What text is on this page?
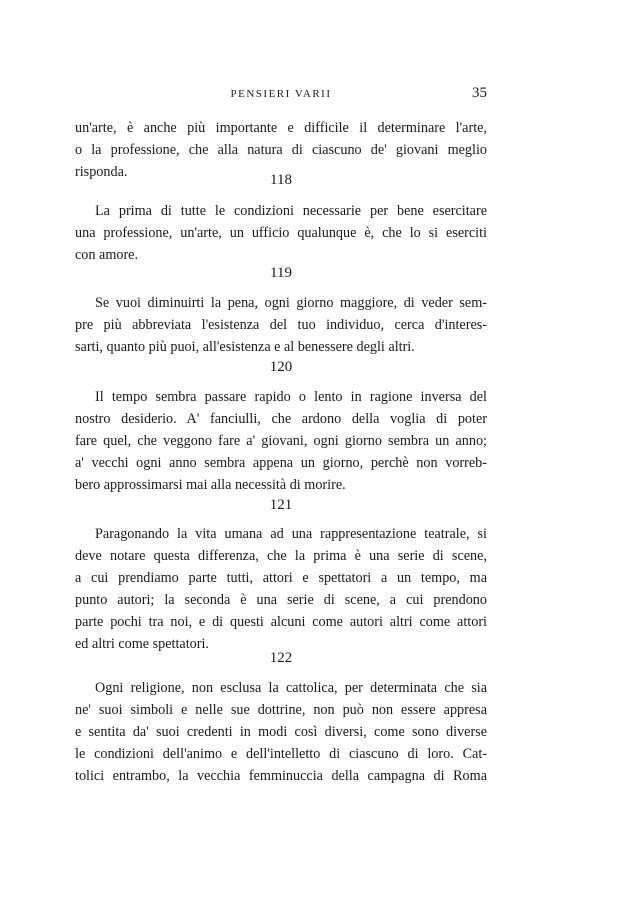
PENSIERI VARII	35
un'arte, è anche più importante e difficile il determinare l'arte,
o la professione, che alla natura di ciascuno de' giovani meglio
risponda.	118
La prima di tutte le condizioni necessarie per bene esercitare
una professione, un'arte, un ufficio qualunque è, che lo si eserciti
con amore.
119
Se vuoi diminuirti la pena, ogni giorno maggiore, di veder sem-
pre più abbreviata l'esistenza del tuo individuo, cerca d'interes-
sarti, quanto più puoi, all'esistenza e al benessere degli altri.
120
Il tempo sembra passare rapido o lento in ragione inversa del
nostro desiderio. A' fanciulli, che ardono della voglia di poter
fare quel, che veggono fare a' giovani, ogni giorno sembra un anno;
a' vecchi ogni anno sembra appena un giorno, perchè non vorreb-
bero approssimarsi mai alla necessità di morire.
121
Paragonando la vita umana ad una rappresentazione teatrale, si
deve notare questa differenza, che la prima è una serie di scene,
a cui prendiamo parte tutti, attori e spettatori a un tempo, ma
punto autori; la seconda è una serie di scene, a cui prendono
parte pochi tra noi, e di questi alcuni come autori altri come attori
ed altri come spettatori.
122
Ogni religione, non esclusa la cattolica, per determinata che sia
ne' suoi simboli e nelle sue dottrine, non può non essere appresa
e sentita da' suoi credenti in modi così diversi, come sono diverse
le condizioni dell'animo e dell'intelletto di ciascuno di loro. Cat-
tolici entrambo, la vecchia femminuccia della campagna di Roma
